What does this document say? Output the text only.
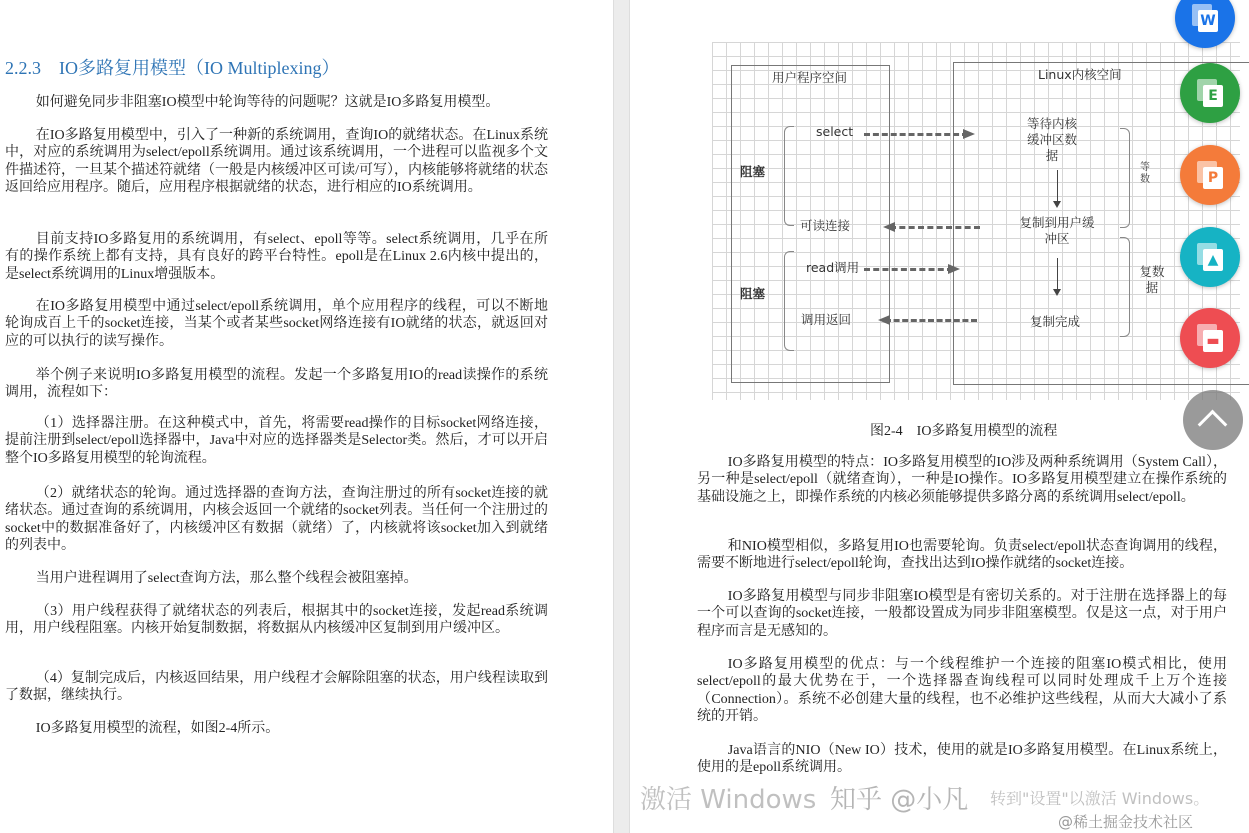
2.2.3 IO多路复用模型（IO Multiplexing）
如何避免同步非阻塞IO模型中轮询等待的问题呢？这就是IO多路复用模型。
在IO多路复用模型中，引入了一种新的系统调用，查询IO的就绪状态。在Linux系统中，对应的系统调用为select/epoll系统调用。通过该系统调用，一个进程可以监视多个文件描述符，一旦某个描述符就绪（一般是内核缓冲区可读/可写），内核能够将就绪的状态返回给应用程序。随后，应用程序根据就绪的状态，进行相应的IO系统调用。
目前支持IO多路复用的系统调用，有select、epoll等等。select系统调用，几乎在所有的操作系统上都有支持，具有良好的跨平台特性。epoll是在Linux 2.6内核中提出的，是select系统调用的Linux增强版本。
在IO多路复用模型中通过select/epoll系统调用，单个应用程序的线程，可以不断地轮询成百上千的socket连接，当某个或者某些socket网络连接有IO就绪的状态，就返回对应的可以执行的读写操作。
举个例子来说明IO多路复用模型的流程。发起一个多路复用IO的read读操作的系统调用，流程如下：
（1）选择器注册。在这种模式中，首先，将需要read操作的目标socket网络连接，提前注册到select/epoll选择器中，Java中对应的选择器类是Selector类。然后，才可以开启整个IO多路复用模型的轮询流程。
（2）就绪状态的轮询。通过选择器的查询方法，查询注册过的所有socket连接的就绪状态。通过查询的系统调用，内核会返回一个就绪的socket列表。当任何一个注册过的socket中的数据准备好了，内核缓冲区有数据（就绪）了，内核就将该socket加入到就绪的列表中。
当用户进程调用了select查询方法，那么整个线程会被阻塞掉。
（3）用户线程获得了就绪状态的列表后，根据其中的socket连接，发起read系统调用，用户线程阻塞。内核开始复制数据，将数据从内核缓冲区复制到用户缓冲区。
（4）复制完成后，内核返回结果，用户线程才会解除阻塞的状态，用户线程读取到了数据，继续执行。
IO多路复用模型的流程，如图2-4所示。
用户程序空间	Linux内核空间
阻塞
阻塞
select
可读连接
read调用
调用返回
等待内核缓冲区数据
复制到用户缓冲区
复制完成
等数
复数据
图2-4　IO多路复用模型的流程
IO多路复用模型的特点：IO多路复用模型的IO涉及两种系统调用（System Call），另一种是select/epoll（就绪查询），一种是IO操作。IO多路复用模型建立在操作系统的基础设施之上，即操作系统的内核必须能够提供多路分离的系统调用select/epoll。
和NIO模型相似，多路复用IO也需要轮询。负责select/epoll状态查询调用的线程，需要不断地进行select/epoll轮询，查找出达到IO操作就绪的socket连接。
IO多路复用模型与同步非阻塞IO模型是有密切关系的。对于注册在选择器上的每一个可以查询的socket连接，一般都设置成为同步非阻塞模型。仅是这一点，对于用户程序而言是无感知的。
IO多路复用模型的优点：与一个线程维护一个连接的阻塞IO模式相比，使用select/epoll的最大优势在于，一个选择器查询线程可以同时处理成千上万个连接（Connection）。系统不必创建大量的线程，也不必维护这些线程，从而大大减小了系统的开销。
Java语言的NIO（New IO）技术，使用的就是IO多路复用模型。在Linux系统上，使用的是epoll系统调用。
W
E
P
▲
▬
激活 Windows 知乎 @小凡 转到"设置"以激活 Windows。
@稀土掘金技术社区
